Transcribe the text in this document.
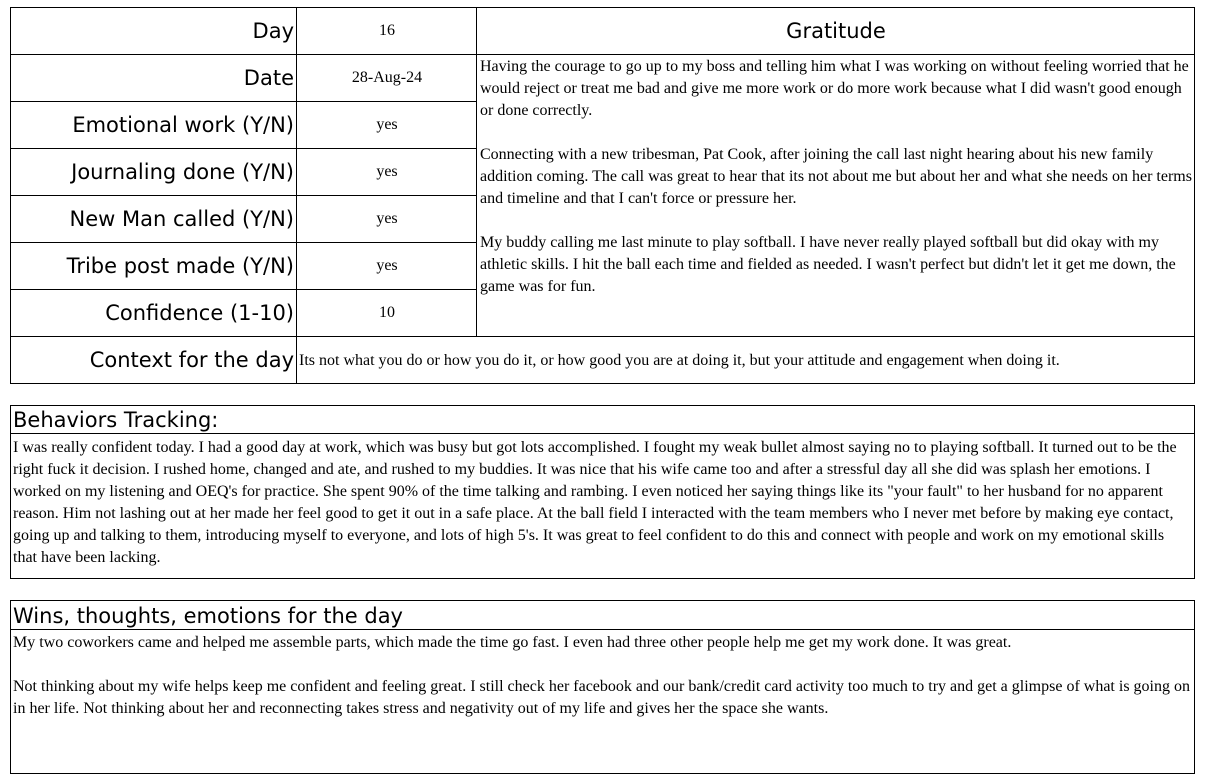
Day	16
Date	28-Aug-24
Emotional work (Y/N)	yes
Journaling done (Y/N)	yes
New Man called (Y/N)	yes
Tribe post made (Y/N)	yes
Confidence (1-10)	10
Context for the day Its not what you do or how you do it, or how good you are at doing it, but your attitude and engagement when doing it.
Gratitude

Having the courage to go up to my boss and telling him what I was working on without feeling worried that he would reject or treat me bad and give me more work or do more work because what I did wasn't good enough or done correctly.

Connecting with a new tribesman, Pat Cook, after joining the call last night hearing about his new family addition coming. The call was great to hear that its not about me but about her and what she needs on her terms and timeline and that I can't force or pressure her.

My buddy calling me last minute to play softball. I have never really played softball but did okay with my athletic skills. I hit the ball each time and fielded as needed. I wasn't perfect but didn't let it get me down, the game was for fun.

Behaviors Tracking:
I was really confident today. I had a good day at work, which was busy but got lots accomplished. I fought my weak bullet almost saying no to playing softball. It turned out to be the right fuck it decision. I rushed home, changed and ate, and rushed to my buddies. It was nice that his wife came too and after a stressful day all she did was splash her emotions. I worked on my listening and OEQ's for practice. She spent 90% of the time talking and rambing. I even noticed her saying things like its "your fault" to her husband for no apparent reason. Him not lashing out at her made her feel good to get it out in a safe place. At the ball field I interacted with the team members who I never met before by making eye contact, going up and talking to them, introducing myself to everyone, and lots of high 5's. It was great to feel confident to do this and connect with people and work on my emotional skills that have been lacking.
Wins, thoughts, emotions for the day

My two coworkers came and helped me assemble parts, which made the time go fast. I even had three other people help me get my work done. It was great.

Not thinking about my wife helps keep me confident and feeling great. I still check her facebook and our bank/credit card activity too much to try and get a glimpse of what is going on in her life. Not thinking about her and reconnecting takes stress and negativity out of my life and gives her the space she wants.
